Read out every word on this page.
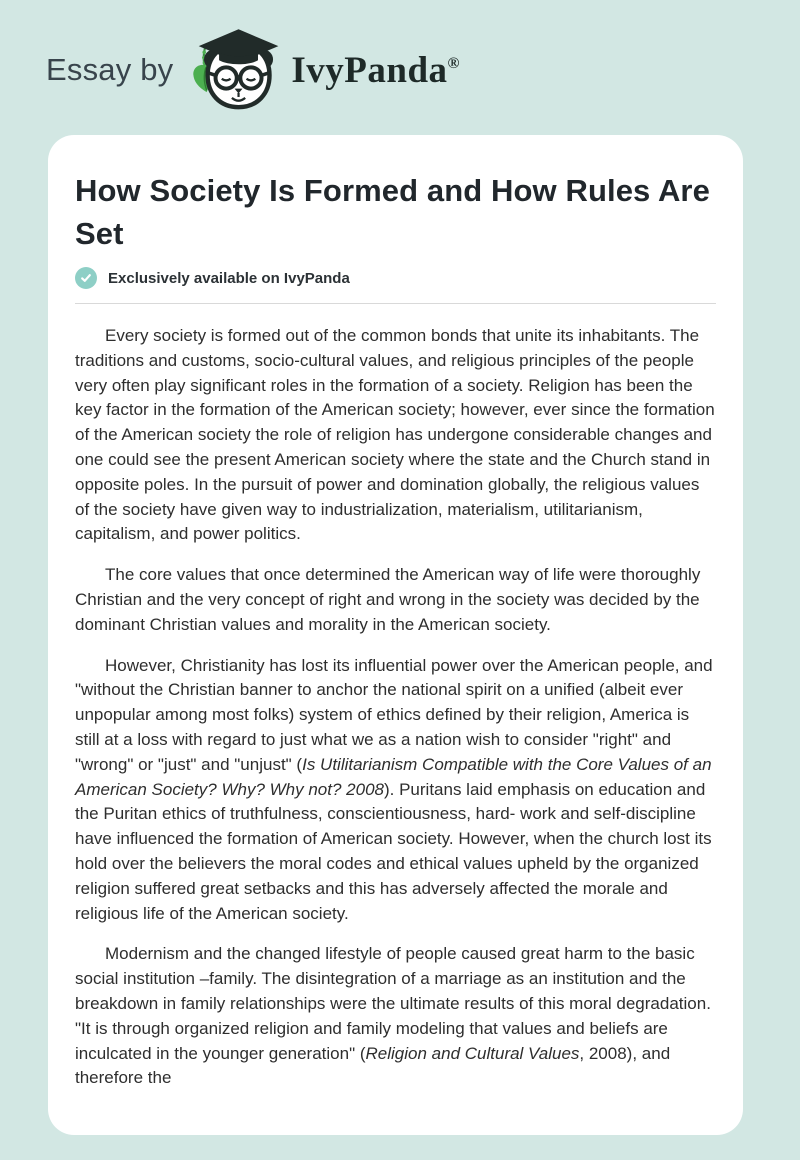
Essay by	IvyPanda®
How Society Is Formed and How Rules Are Set
Exclusively available on IvyPanda

Every society is formed out of the common bonds that unite its inhabitants. The traditions and customs, socio-cultural values, and religious principles of the people very often play significant roles in the formation of a society. Religion has been the key factor in the formation of the American society; however, ever since the formation of the American society the role of religion has undergone considerable changes and one could see the present American society where the state and the Church stand in opposite poles. In the pursuit of power and domination globally, the religious values of the society have given way to industrialization, materialism, utilitarianism, capitalism, and power politics.

The core values that once determined the American way of life were thoroughly Christian and the very concept of right and wrong in the society was decided by the dominant Christian values and morality in the American society.

However, Christianity has lost its influential power over the American people, and "without the Christian banner to anchor the national spirit on a unified (albeit ever unpopular among most folks) system of ethics defined by their religion, America is still at a loss with regard to just what we as a nation wish to consider "right" and "wrong" or "just" and "unjust" (Is Utilitarianism Compatible with the Core Values of an American Society? Why? Why not? 2008). Puritans laid emphasis on education and the Puritan ethics of truthfulness, conscientiousness, hard- work and self-discipline have influenced the formation of American society. However, when the church lost its hold over the believers the moral codes and ethical values upheld by the organized religion suffered great setbacks and this has adversely affected the morale and religious life of the American society.

Modernism and the changed lifestyle of people caused great harm to the basic social institution –family. The disintegration of a marriage as an institution and the breakdown in family relationships were the ultimate results of this moral degradation. "It is through organized religion and family modeling that values and beliefs are inculcated in the younger generation" (Religion and Cultural Values, 2008), and therefore the
